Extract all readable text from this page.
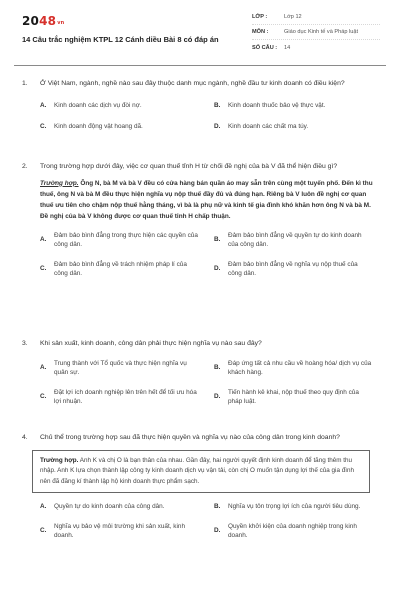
$2048^{vn}$
14 Câu trắc nghiệm KTPL 12 Cánh diều Bài 8 có đáp án
LỚP :	Lớp 12
MÔN :	Giáo dục Kinh tế và Pháp luật
SỐ CÂU :	14
1.	Ở Việt Nam, ngành, nghề nào sau đây thuộc danh mục ngành, nghề đầu tư kinh doanh có điều kiện?
A.	Kinh doanh các dịch vụ đòi nợ.	B.	Kinh doanh thuốc bảo vệ thực vật.
C.	Kinh doanh động vật hoang dã.	D.	Kinh doanh các chất ma túy.
2.	Trong trường hợp dưới đây, việc cơ quan thuế tỉnh H từ chối đề nghị của bà V đã thể hiện điều gì?
Trường hợp. Ông N, bà M và bà V đều có cửa hàng bán quần áo may sẵn trên cùng một tuyến phố. Đến kì thu thuế, ông N và bà M đều thực hiện nghĩa vụ nộp thuế đầy đủ và đúng hạn. Riêng bà V luôn đề nghị cơ quan thuế ưu tiên cho chậm nộp thuế hằng tháng, vì bà là phụ nữ và kinh tế gia đình khó khăn hơn ông N và bà M. Đề nghị của bà V không được cơ quan thuế tỉnh H chấp thuận.
A.
Đảm bảo bình đẳng trong thực hiện các quyền của công dân.
B.
Đảm bảo bình đẳng về quyền tự do kinh doanh của công dân.
C.
Đảm bảo bình đẳng về trách nhiệm pháp lí của công dân.
D.
Đảm bảo bình đẳng về nghĩa vụ nộp thuế của công dân.
3.	Khi sản xuất, kinh doanh, công dân phải thực hiện nghĩa vụ nào sau đây?
A.
Trung thành với Tổ quốc và thực hiện nghĩa vụ quân sự.
B.
Đáp ứng tất cả nhu cầu về hoàng hóa/ dịch vụ của khách hàng.
C.
Đặt lợi ích doanh nghiệp lên trên hết để tối ưu hóa lợi nhuận.
D.
Tiến hành kê khai, nộp thuế theo quy định của pháp luật.
4.	Chủ thể trong trường hợp sau đã thực hiện quyền và nghĩa vụ nào của công dân trong kinh doanh?
Trường hợp. Anh K và chị O là bạn thân của nhau. Gần đây, hai người quyết định kinh doanh để tăng thêm thu nhập. Anh K lựa chọn thành lập công ty kinh doanh dịch vụ vận tải, còn chị O muốn tận dụng lợi thế của gia đình nên đã đăng kí thành lập hộ kinh doanh thực phẩm sạch.
A.	Quyền tự do kinh doanh của công dân.	B.	Nghĩa vụ tôn trọng lợi ích của người tiêu dùng.
C.
Nghĩa vụ bảo vệ môi trường khi sản xuất, kinh doanh.
D.
Quyền khởi kiện của doanh nghiệp trong kinh doanh.
